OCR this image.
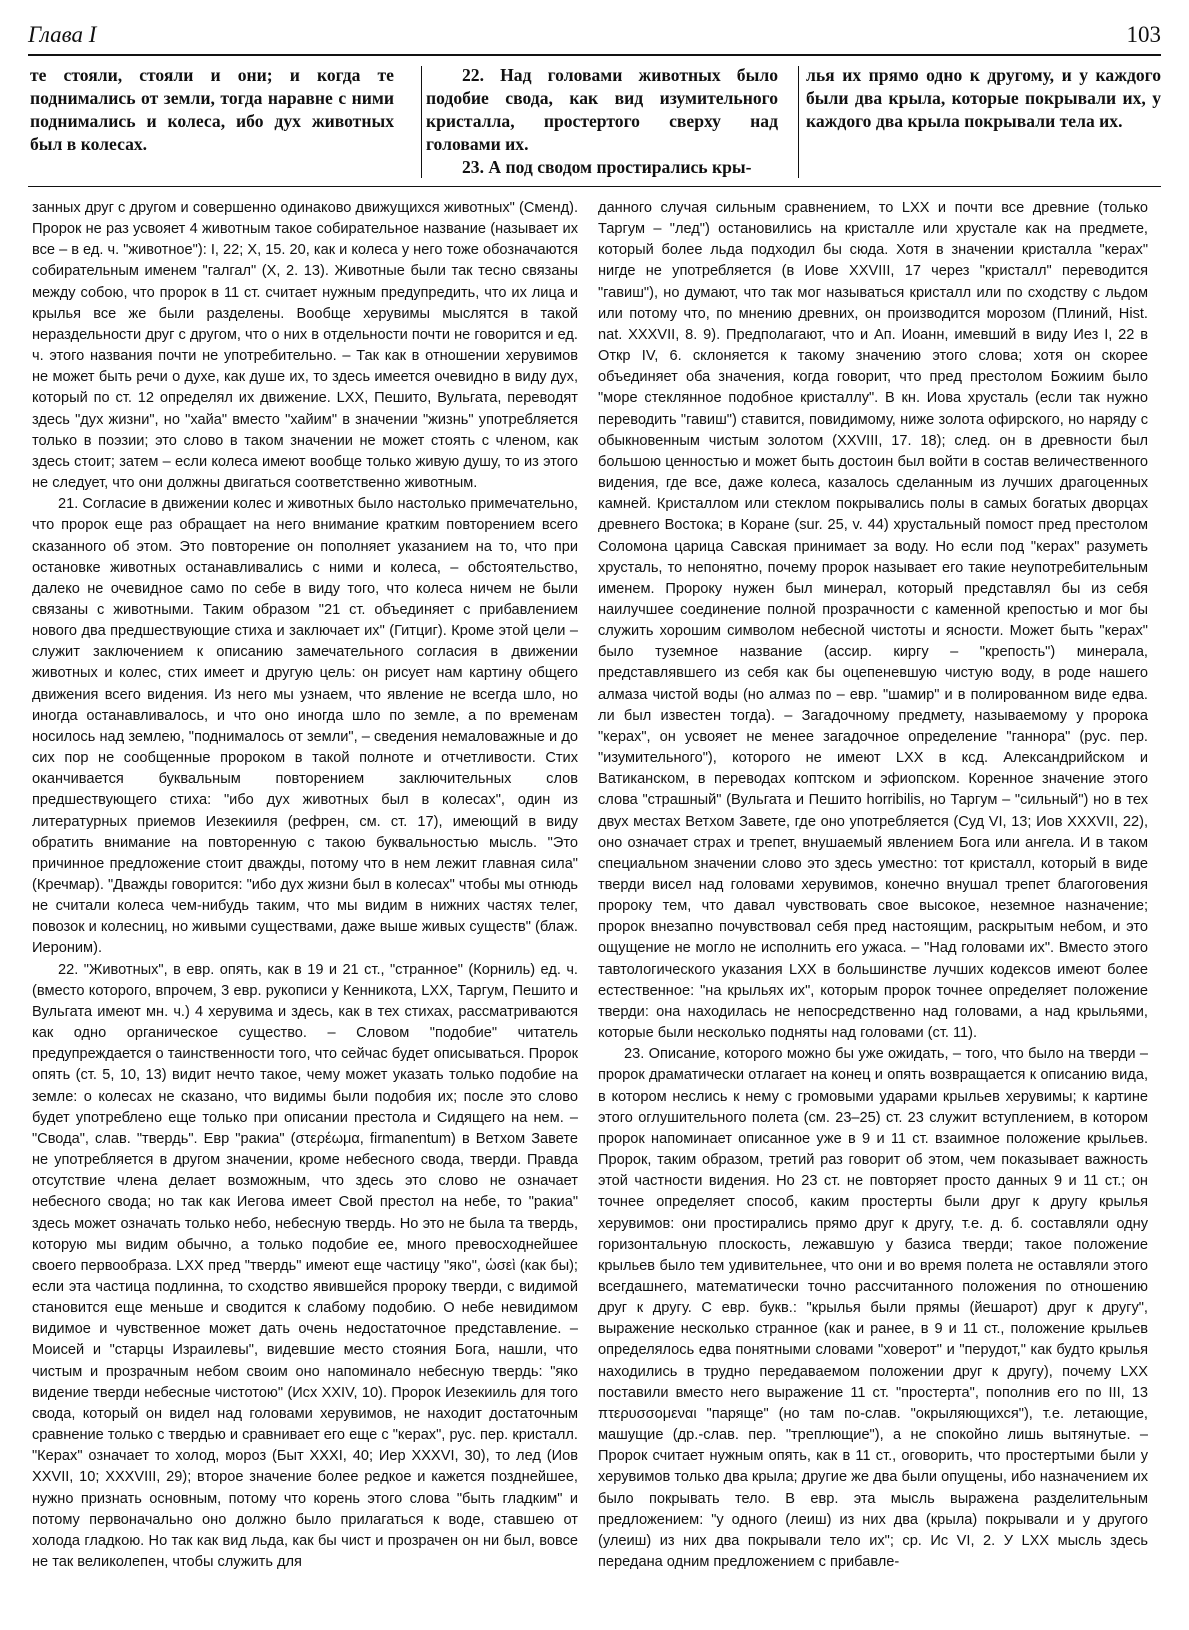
Глава I	103

те стояли, стояли и они; и когда те поднимались от земли, тогда наравне с ними поднимались и колеса, ибо дух животных был в колесах.

22. Над головами животных было подобие свода, как вид изумительного кристалла, простертого сверху над головами их.

23. А под сводом простирались кры-

лья их прямо одно к другому, и у каждого были два крыла, которые покрывали их, у каждого два крыла покрывали тела их.

занных друг с другом и совершенно одинаково движущихся животных" (Сменд). Пророк не раз усвояет 4 животным такое собирательное название (называет их все – в ед. ч. "животное"): I, 22; X, 15. 20, как и колеса у него тоже обозначаются собирательным именем "галгал" (X, 2. 13). Животные были так тесно связаны между собою, что пророк в 11 ст. считает нужным предупредить, что их лица и крылья все же были разделены. Вообще херувимы мыслятся в такой нераздельности друг с другом, что о них в отдельности почти не говорится и ед. ч. этого названия почти не употребительно. – Так как в отношении херувимов не может быть речи о духе, как душе их, то здесь имеется очевидно в виду дух, который по ст. 12 определял их движение. LXX, Пешито, Вульгата, переводят здесь "дух жизни", но "хайа" вместо "хайим" в значении "жизнь" употребляется только в поэзии; это слово в таком значении не может стоять с членом, как здесь стоит; затем – если колеса имеют вообще только живую душу, то из этого не следует, что они должны двигаться соответственно животным.

21. Согласие в движении колес и животных было настолько примечательно, что пророк еще раз обращает на него внимание кратким повторением всего сказанного об этом. Это повторение он пополняет указанием на то, что при остановке животных останавливались с ними и колеса, – обстоятельство, далеко не очевидное само по себе в виду того, что колеса ничем не были связаны с животными. Таким образом "21 ст. объединяет с прибавлением нового два предшествующие стиха и заключает их" (Гитциг). Кроме этой цели – служит заключением к описанию замечательного согласия в движении животных и колес, стих имеет и другую цель: он рисует нам картину общего движения всего видения. Из него мы узнаем, что явление не всегда шло, но иногда останавливалось, и что оно иногда шло по земле, а по временам носилось над землею, "поднималось от земли", – сведения немаловажные и до сих пор не сообщенные пророком в такой полноте и отчетливости. Стих оканчивается буквальным повторением заключительных слов предшествующего стиха: "ибо дух животных был в колесах", один из литературных приемов Иезекииля (рефрен, см. ст. 17), имеющий в виду обратить внимание на повторенную с такою буквальностью мысль. "Это причинное предложение стоит дважды, потому что в нем лежит главная сила" (Кречмар). "Дважды говорится: "ибо дух жизни был в колесах" чтобы мы отнюдь не считали колеса чем-нибудь таким, что мы видим в нижних частях телег, повозок и колесниц, но живыми существами, даже выше живых существ" (блаж. Иероним).

22. "Животных", в евр. опять, как в 19 и 21 ст., "странное" (Корниль) ед. ч. (вместо которого, впрочем, 3 евр. рукописи у Кенникота, LXX, Таргум, Пешито и Вульгата имеют мн. ч.) 4 херувима и здесь, как в тех стихах, рассматриваются как одно органическое существо. – Словом "подобие" читатель предупреждается о таинственности того, что сейчас будет описываться. Пророк опять (ст. 5, 10, 13) видит нечто такое, чему может указать только подобие на земле: о колесах не сказано, что видимы были подобия их; после это слово будет употреблено еще только при описании престола и Сидящего на нем. – "Свода", слав. "твердь". Евр "ракиа" (στερέωμα, firmanentum) в Ветхом Завете не употребляется в другом значении, кроме небесного свода, тверди. Правда отсутствие члена делает возможным, что здесь это слово не означает небесного свода; но так как Иегова имеет Свой престол на небе, то "ракиа" здесь может означать только небо, небесную твердь. Но это не была та твердь, которую мы видим обычно, а только подобие ее, много превосходнейшее своего первообраза. LXX пред "твердь" имеют еще частицу "яко", ὡσεὶ (как бы); если эта частица подлинна, то сходство явившейся пророку тверди, с видимой становится еще меньше и сводится к слабому подобию. О небе невидимом видимое и чувственное может дать очень недостаточное представление. – Моисей и "старцы Израилевы", видевшие место стояния Бога, нашли, что чистым и прозрачным небом своим оно напоминало небесную твердь: "яко видение тверди небесные чистотою" (Исх XXIV, 10). Пророк Иезекииль для того свода, который он видел над головами херувимов, не находит достаточным сравнение только с твердью и сравнивает его еще с "керах", рус. пер. кристалл. "Керах" означает то холод, мороз (Быт XXXI, 40; Иер XXXVI, 30), то лед (Иов XXVII, 10; XXXVIII, 29); второе значение более редкое и кажется позднейшее, нужно признать основным, потому что корень этого слова "быть гладким" и потому первоначально оно должно было прилагаться к воде, ставшею от холода гладкою. Но так как вид льда, как бы чист и прозрачен он ни был, вовсе не так великолепен, чтобы служить для

данного случая сильным сравнением, то LXX и почти все древние (только Таргум – "лед") остановились на кристалле или хрустале как на предмете, который более льда подходил бы сюда. Хотя в значении кристалла "керах" нигде не употребляется (в Иове XXVIII, 17 через "кристалл" переводится "гавиш"), но думают, что так мог называться кристалл или по сходству с льдом или потому что, по мнению древних, он производится морозом (Плиний, Hist. nat. XXXVII, 8. 9). Предполагают, что и Ап. Иоанн, имевший в виду Иез I, 22 в Откр IV, 6. склоняется к такому значению этого слова; хотя он скорее объединяет оба значения, когда говорит, что пред престолом Божиим было "море стеклянное подобное кристаллу". В кн. Иова хрусталь (если так нужно переводить "гавиш") ставится, повидимому, ниже золота офирского, но наряду с обыкновенным чистым золотом (XXVIII, 17. 18); след. он в древности был большою ценностью и может быть достоин был войти в состав величественного видения, где все, даже колеса, казалось сделанным из лучших драгоценных камней. Кристаллом или стеклом покрывались полы в самых богатых дворцах древнего Востока; в Коране (sur. 25, v. 44) хрустальный помост пред престолом Соломона царица Савская принимает за воду. Но если под "керах" разуметь хрусталь, то непонятно, почему пророк называет его такие неупотребительным именем. Пророку нужен был минерал, который представлял бы из себя наилучшее соединение полной прозрачности с каменной крепостью и мог бы служить хорошим символом небесной чистоты и ясности. Может быть "керах" было туземное название (ассир. киргу – "крепость") минерала, представлявшего из себя как бы оцепеневшую чистую воду, в роде нашего алмаза чистой воды (но алмаз по – евр. "шамир" и в полированном виде едва. ли был известен тогда). – Загадочному предмету, называемому у пророка "керах", он усвояет не менее загадочное определение "ганнора" (рус. пер. "изумительного"), которого не имеют LXX в ксд. Александрийском и Ватиканском, в переводах коптском и эфиопском. Коренное значение этого слова "страшный" (Вульгата и Пешито horribilis, но Таргум – "сильный") но в тех двух местах Ветхом Завете, где оно употребляется (Суд VI, 13; Иов XXXVII, 22), оно означает страх и трепет, внушаемый явлением Бога или ангела. И в таком специальном значении слово это здесь уместно: тот кристалл, который в виде тверди висел над головами херувимов, конечно внушал трепет благоговения пророку тем, что давал чувствовать свое высокое, неземное назначение; пророк внезапно почувствовал себя пред настоящим, раскрытым небом, и это ощущение не могло не исполнить его ужаса. – "Над головами их". Вместо этого тавтологического указания LXX в большинстве лучших кодексов имеют более естественное: "на крыльях их", которым пророк точнее определяет положение тверди: она находилась не непосредственно над головами, а над крыльями, которые были несколько подняты над головами (ст. 11).

23. Описание, которого можно бы уже ожидать, – того, что было на тверди – пророк драматически отлагает на конец и опять возвращается к описанию вида, в котором неслись к нему с громовыми ударами крыльев херувимы; к картине этого оглушительного полета (см. 23–25) ст. 23 служит вступлением, в котором пророк напоминает описанное уже в 9 и 11 ст. взаимное положение крыльев. Пророк, таким образом, третий раз говорит об этом, чем показывает важность этой частности видения. Но 23 ст. не повторяет просто данных 9 и 11 ст.; он точнее определяет способ, каким простерты были друг к другу крылья херувимов: они простирались прямо друг к другу, т.е. д. б. составляли одну горизонтальную плоскость, лежавшую у базиса тверди; такое положение крыльев было тем удивительнее, что они и во время полета не оставляли этого всегдашнего, математически точно рассчитанного положения по отношению друг к другу. С евр. букв.: "крылья были прямы (йешарот) друг к другу", выражение несколько странное (как и ранее, в 9 и 11 ст., положение крыльев определялось едва понятными словами "ховерот" и "перудот," как будто крылья находились в трудно передаваемом положении друг к другу), почему LXX поставили вместо него выражение 11 ст. "простерта", пополнив его по III, 13 πτερυσσομεναι "паряще" (но там по-слав. "окрыляющихся"), т.е. летающие, машущие (др.-слав. пер. "треплющие"), а не спокойно лишь вытянутые. – Пророк считает нужным опять, как в 11 ст., оговорить, что простертыми были у херувимов только два крыла; другие же два были опущены, ибо назначением их было покрывать тело. В евр. эта мысль выражена разделительным предложением: "у одного (леиш) из них два (крыла) покрывали и у другого (улеиш) из них два покрывали тело их"; ср. Ис VI, 2. У LXX мысль здесь передана одним предложением с прибавле-
